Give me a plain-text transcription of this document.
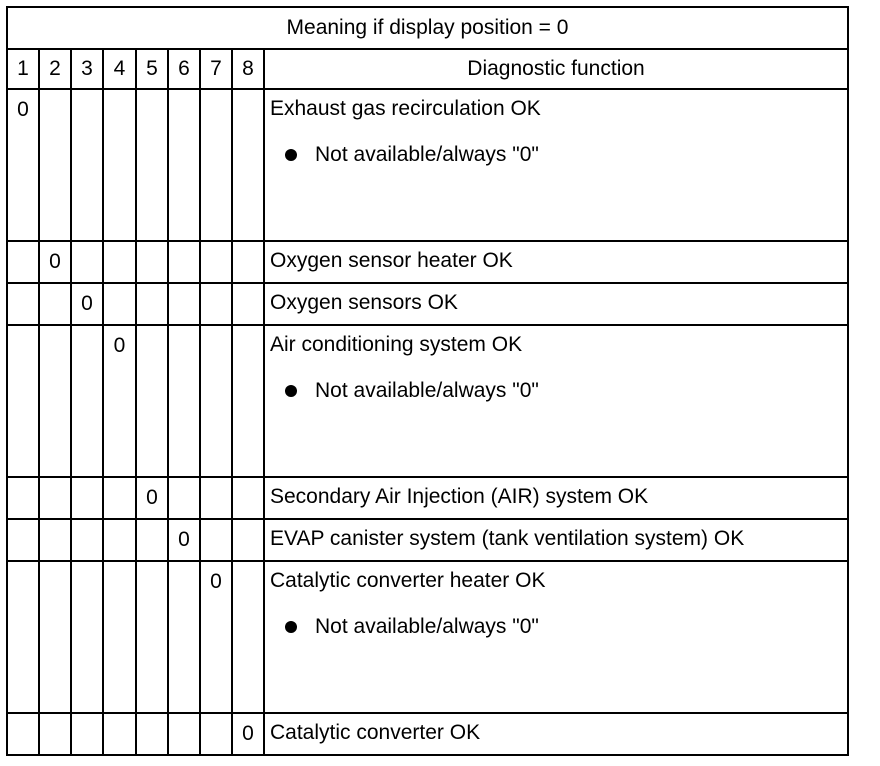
Meaning if display position = 0								
1	2	3	4	5	6	7	8	Diagnostic function

0								Exhaust gas recirculation OK
Not available/always "0"

	0							Oxygen sensor heater OK

		0						Oxygen sensors OK

			0					Air conditioning system OK
Not available/always "0"

				0				Secondary Air Injection (AIR) system OK

					0			EVAP canister system (tank ventilation system) OK

						0		Catalytic converter heater OK
Not available/always "0"

							0	Catalytic converter OK
